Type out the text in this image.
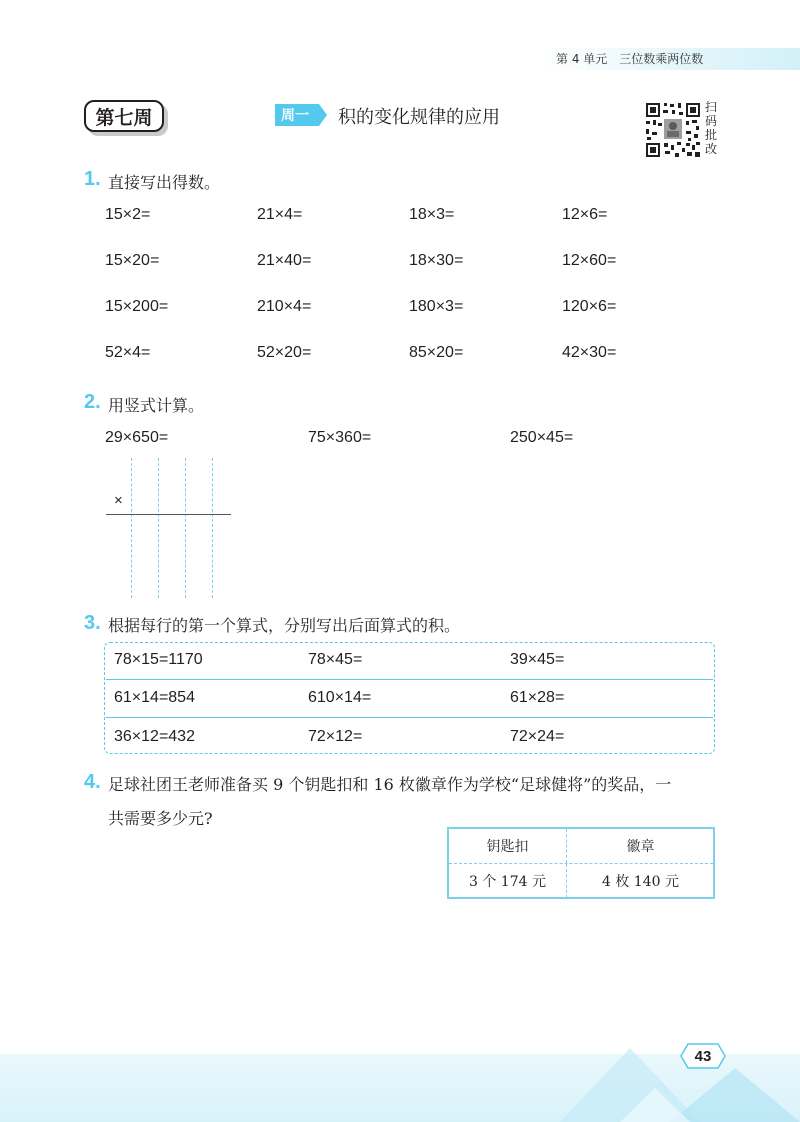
第 4 单元 三位数乘两位数
第七周	周一 积的变化规律的应用	扫
码
批
改
1. 直接写出得数。
15×2=	21×4=	18×3=	12×6=
15×20=	21×40=	18×30=	12×60=
15×200=	210×4=	180×3=	120×6=
52×4=	52×20=	85×20=	42×30=
2. 用竖式计算。
29×650=	75×360=	250×45=
×
3. 根据每行的第一个算式，分别写出后面算式的积。
78×15=1170	78×45=	39×45=
61×14=854	610×14=	61×28=
36×12=432	72×12=	72×24=
4. 足球社团王老师准备买 9 个钥匙扣和 16 枚徽章作为学校“足球健将”的奖品，一
共需要多少元?
钥匙扣	徽章
3 个 174 元	4 枚 140 元
43
